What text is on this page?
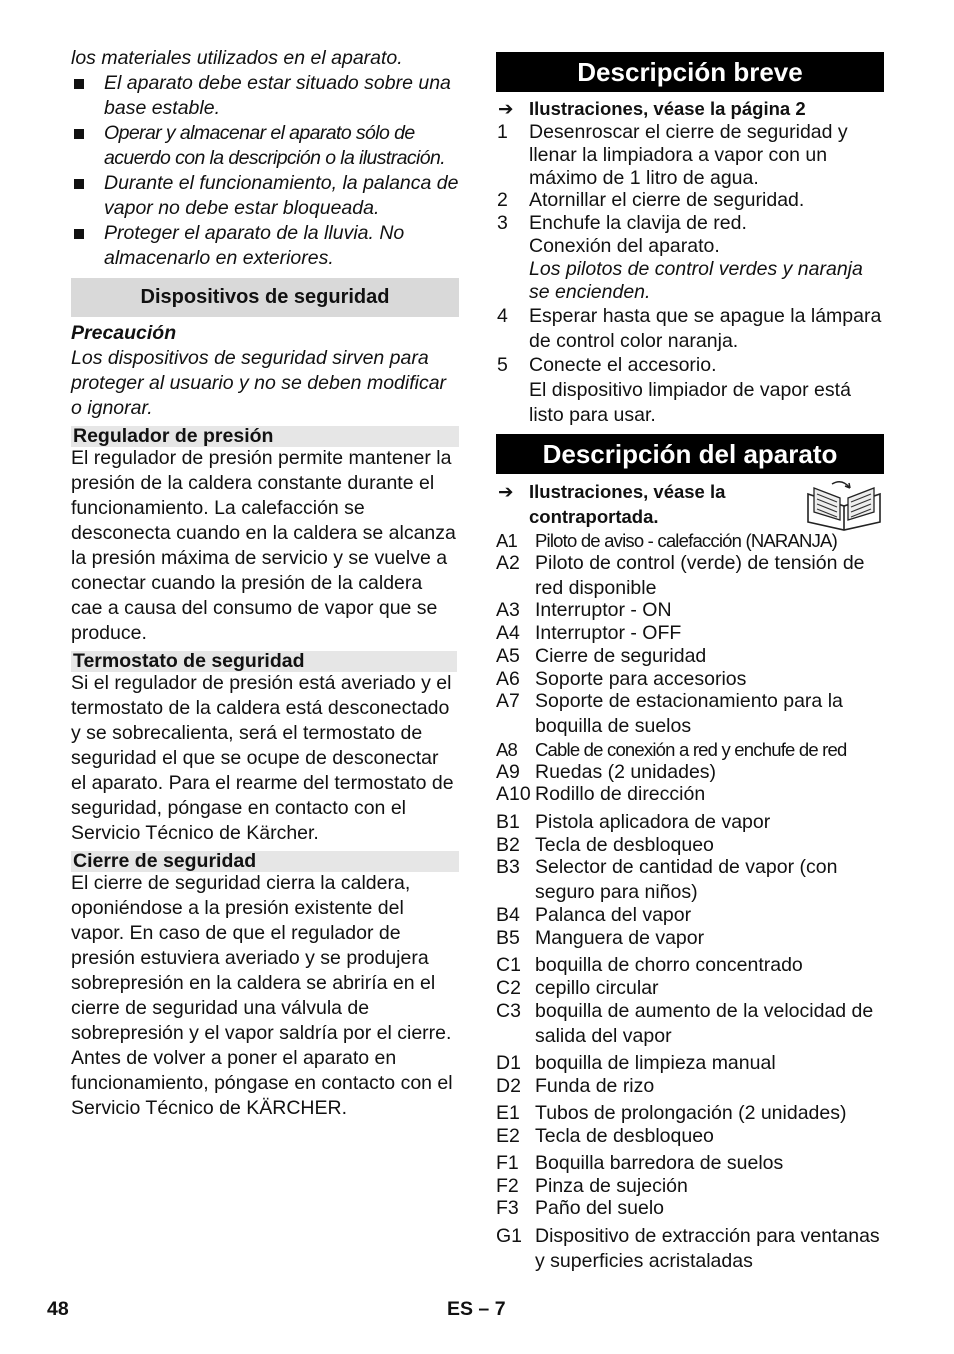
los materiales utilizados en el aparato.

El aparato debe estar situado sobre una base estable.
Operar y almacenar el aparato sólo de acuerdo con la descripción o la ilustración.
Durante el funcionamiento, la palanca de vapor no debe estar bloqueada.
Proteger el aparato de la lluvia. No almacenarlo en exteriores.
Dispositivos de seguridad

Precaución

Los dispositivos de seguridad sirven para proteger al usuario y no se deben modificar o ignorar.

Regulador de presión

El regulador de presión permite mantener la presión de la caldera constante durante el funcionamiento. La calefacción se desconecta cuando en la caldera se alcanza la presión máxima de servicio y se vuelve a conectar cuando la presión de la caldera cae a causa del consumo de vapor que se produce.

Termostato de seguridad

Si el regulador de presión está averiado y el termostato de la caldera está desconectado y se sobrecalienta, será el termostato de seguridad el que se ocupe de desconectar el aparato. Para el rearme del termostato de seguridad, póngase en contacto con el Servicio Técnico de Kärcher.

Cierre de seguridad

El cierre de seguridad cierra la caldera, oponiéndose a la presión existente del vapor. En caso de que el regulador de presión estuviera averiado y se produjera sobrepresión en la caldera se abriría en el cierre de seguridad una válvula de sobrepresión y el vapor saldría por el cierre.

Antes de volver a poner el aparato en funcionamiento, póngase en contacto con el Servicio Técnico de KÄRCHER.

Descripción breve
➔ Ilustraciones, véase la página 2
1 Desenroscar el cierre de seguridad y llenar la limpiadora a vapor con un máximo de 1 litro de agua.
2 Atornillar el cierre de seguridad.
3 Enchufe la clavija de red.
Conexión del aparato.
Los pilotos de control verdes y naranja se encienden.
4 Esperar hasta que se apague la lámpara de control color naranja.
5 Conecte el accesorio.
El dispositivo limpiador de vapor está listo para usar.
Descripción del aparato
➔ Ilustraciones, véase la contraportada.
A1 Piloto de aviso - calefacción (NARANJA)
A2 Piloto de control (verde) de tensión de red disponible
A3 Interruptor - ON
A4 Interruptor - OFF
A5 Cierre de seguridad
A6 Soporte para accesorios
A7 Soporte de estacionamiento para la boquilla de suelos
A8 Cable de conexión a red y enchufe de red
A9 Ruedas (2 unidades)
A10 Rodillo de dirección
B1 Pistola aplicadora de vapor
B2 Tecla de desbloqueo
B3 Selector de cantidad de vapor (con seguro para niños)
B4 Palanca del vapor
B5 Manguera de vapor
C1 boquilla de chorro concentrado
C2 cepillo circular
C3 boquilla de aumento de la velocidad de salida del vapor
D1 boquilla de limpieza manual
D2 Funda de rizo
E1 Tubos de prolongación (2 unidades)
E2 Tecla de desbloqueo
F1 Boquilla barredora de suelos
F2 Pinza de sujeción
F3 Paño del suelo
G1 Dispositivo de extracción para ventanas y superficies acristaladas
48	ES – 7
